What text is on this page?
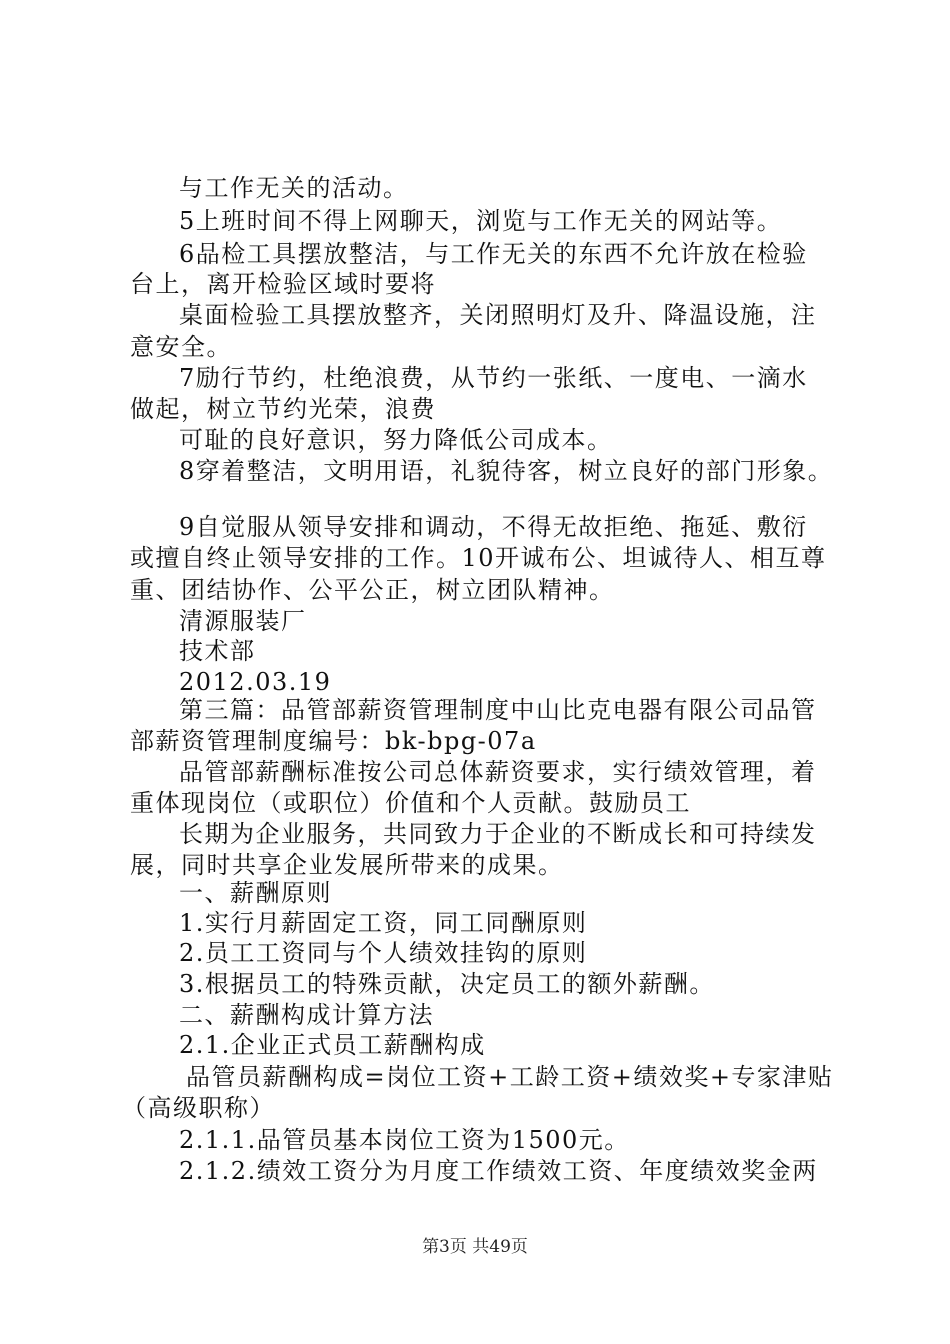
与工作无关的活动。
5上班时间不得上网聊天，浏览与工作无关的网站等。
6品检工具摆放整洁，与工作无关的东西不允许放在检验
台上，离开检验区域时要将
桌面检验工具摆放整齐，关闭照明灯及升、降温设施，注
意安全。
7励行节约，杜绝浪费，从节约一张纸、一度电、一滴水
做起，树立节约光荣，浪费
可耻的良好意识，努力降低公司成本。
8穿着整洁，文明用语，礼貌待客，树立良好的部门形象。
9自觉服从领导安排和调动，不得无故拒绝、拖延、敷衍
或擅自终止领导安排的工作。10开诚布公、坦诚待人、相互尊
重、团结协作、公平公正，树立团队精神。
清源服装厂
技术部
2012.03.19
第三篇：品管部薪资管理制度中山比克电器有限公司品管
部薪资管理制度编号：bk-bpg-07a
品管部薪酬标准按公司总体薪资要求，实行绩效管理，着
重体现岗位（或职位）价值和个人贡献。鼓励员工
长期为企业服务，共同致力于企业的不断成长和可持续发
展，同时共享企业发展所带来的成果。
一、薪酬原则
1.实行月薪固定工资，同工同酬原则
2.员工工资同与个人绩效挂钩的原则
3.根据员工的特殊贡献，决定员工的额外薪酬。
二、薪酬构成计算方法
2.1.企业正式员工薪酬构成
品管员薪酬构成=岗位工资+工龄工资+绩效奖+专家津贴
（高级职称）
2.1.1.品管员基本岗位工资为1500元。
2.1.2.绩效工资分为月度工作绩效工资、年度绩效奖金两
第3页 共49页
